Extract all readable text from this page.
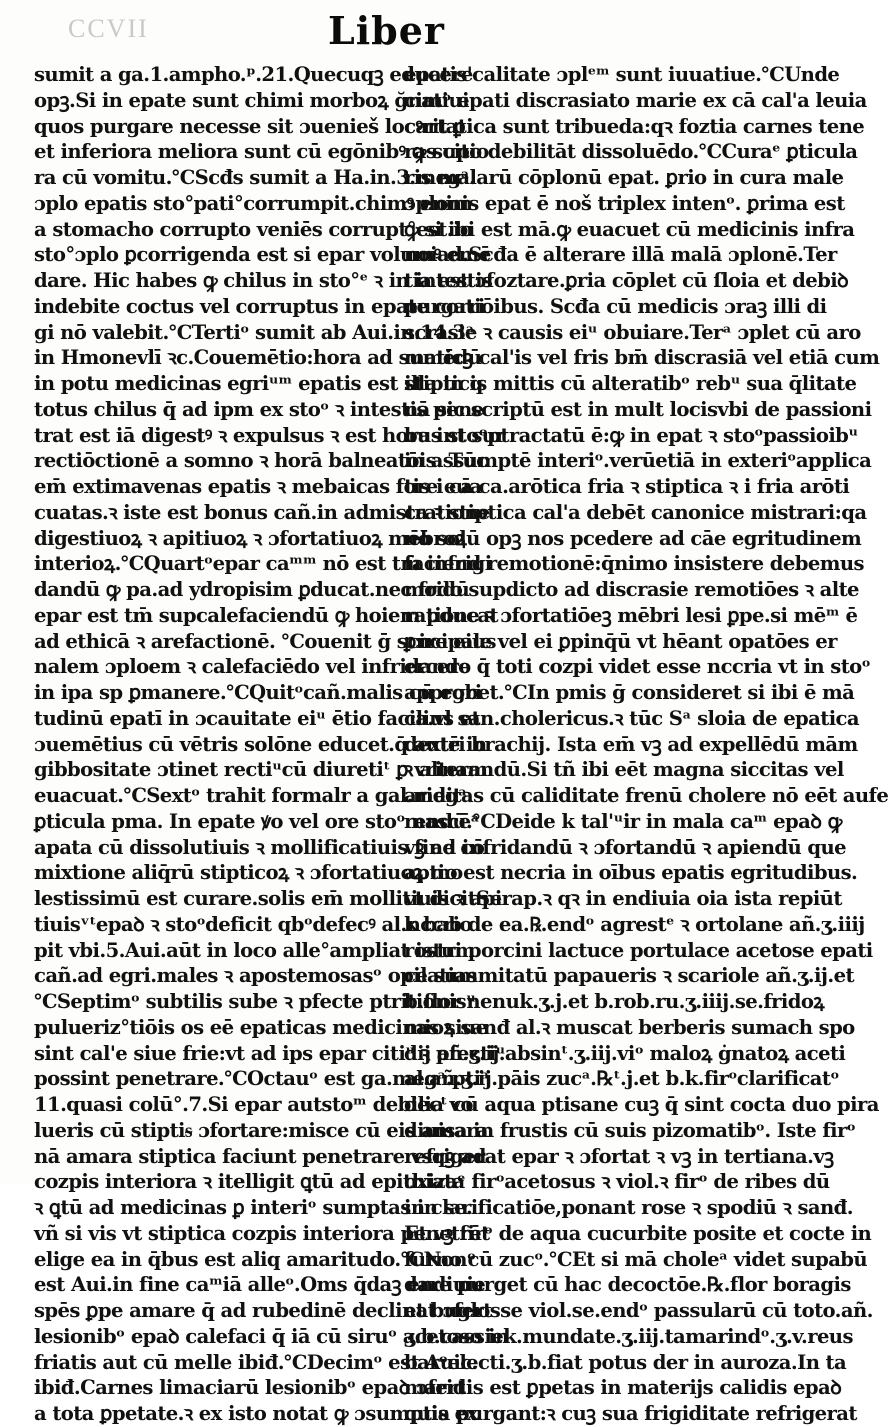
CCVII	Liber
sumit a ga.1.ampho.ᵖ.21.Quecuqꝫ educere
opꝫ.Si in epate sunt chimi morboꝝ ğnatiui
quos purgare necesse sit ɔuenieš locꝰrit ꝑ
et inferiora meliora sunt cū egōnibꝰ ꝙ supio
ra cū vomitu.℃Scđs sumit a Ha.in.3.megᵃ.
ɔplo epatis sto°pati°corrumpit.chimꝰ enim
a stomacho corrupto veniēs corrupt°est.io
sto°ɔplo ꝑcorrigenda est si epar volumꝰ emē
dare. Hic habes ꝙ chilus in sto°ᵉ ꝛ in intestis
indebite coctus vel corruptus in epate corri
gi nō valebit.℃Tertiᵒ sumit ab Aui.in.14.3ᵃ
in Hmonevlī ꝛc.Couemētio:hora ad sumēdū
in potu medicinas egriᵘᵐ epatis est illa in q
totus chilus q̄ ad ipm ex stoᵒ ꝛ intestis pene
trat est iā digestꝰ ꝛ expulsus ꝛ est hora int sur
rectiōctionē a somno ꝛ horā balneatōis. Tūc
em̄ extimavenas epatis ꝛ mebaicas fore eua
cuatas.ꝛ iste est bonus cañ.in admistratione
digestiuoꝝ ꝛ apitiuoꝝ ꝛ ɔfortatiuoꝝ mēbroꝝ
interioꝝ.℃Quartᵒepar caᵐᵐ nō est tm̄ infrigi
dandū ꝙ pa.ad ydropisim ꝑducat.nec fridū
epar est tm̄ supcalefaciendū ꝙ hoiem pducat
ad ethicā ꝛ arefactionē. ℃ouenit ḡ scire eius
nalem ɔploem ꝛ calefaciēdo vel infridando
in ipa sp ꝑmanere.℃Quitᵒcañ.malis cū egri
tudinū epatī in ɔcauitate eiᵘ ētio facilius et
ɔuemētius cū vētris solōne educet.q̄ autē in
gibbositate ɔtinet rectiᵘcū diuretiᵗ ꝑ vrinam
euacuat.℃Sextᵒ trahit formalr a gal.megᵃ.
ꝑticula pma. In epate ꝟo vel ore stoᵒ nascēᵃ
apata cū dissolutiuis ꝛ mollificatiuis fine cō
mixtione aliq̄rū stipticoꝝ ꝛ ɔfortatiuoꝝ mo
lestissimū est curare.solis em̄ mollitiuis ꝛ api
tiuisᵛᵗepaꝺ ꝛ stoᵒdeficit qbᵒdefecꝰ al.nccrio
pit vbi.5.Aui.aūt in loco alle°ampliat istum
cañ.ad egri.males ꝛ apostemosasᵒ opilatias
℃Septimᵒ subtilis sube ꝛ pfecte ptritionisᵘ
pulueriz°tiōis os eē epaticas medicinas siue
sint cal'e siue frie:vt ad ips epar citiᵘ ꝛ pfectiᵘ
possint penetrare.℃Octauᵒ est ga.megᵃ.ptiᵃ
11.quasi colū°.7.Si epar autstoᵐ debilia vo
lueris cū stiptiᵴ ɔfortare:misce cū eis amara
nā amara stiptica faciunt penetrare vsqꝫ ad
cozpis interiora ꝛ itelligit ꝗtū ad epithiata
ꝛ ꝗtū ad medicinas ꝑ interiᵒ sumptas in se.
vñ si vis vt stiptica cozpis interiora penetrēt
elige ea in q̄bus est aliq amaritudo.℃Nonᵒ
est Aui.in fine caᵐiā alleᵒ.Oms q̄daꝫ endiuie
spēs ꝑpe amare q̄ ad rubedinē declinat ɔfert
lesionibᵒ epaꝺ calefaci q̄ iā cū siruᵒ acetoso in
friatis aut cū melle ibiđ.℃Decimᵒ est Auic.
ibiđ.Carnes limaciarū lesionibᵒ epaꝺ ɔfert
a tota ꝑpetate.ꝛ ex isto notat ꝙ ɔsumptis ex
epatis'calitate ɔplᵉᵐ sunt iuuatiue.℃Unde
cimᵒ epati discrasiato marie ex cā cal'a leuia
cartatica sunt tribueda:qꝛ foztia carnes tene
ras cito debilitāt dissoluēdo.℃Curaᵉ ꝑticula
ris malarū cōplonū epat. ꝑrio in cura male
ɔplonis epat ē noš triplex intenᵒ. ꝑrima est
ꝙ si ibi est mā.ꝙ euacuet cū medicinis infra
noiad.Scđa ē alterare illā malā ɔplonē.Ter
tia est ɔfoztare.ꝑria cōplet cū ſloia et debiꝺ
purgatiōibus. Scđa cū medicis ɔraꝫ illi di
scrasie ꝛ causis eiᵘ obuiare.Terᵃ ɔplet cū aro
maticꝫ cal'is vel fris bm̄ discrasiā vel etiā cum
stipticis mittis cū alteratibᵒ rebᵘ sua q̄litate
nā sic scriptū est in mult locisvbi de passioni
bus stoᵒptractatū ē:ꝙ in epat ꝛ stoᵒpassioibᵘ
in assumptē interiᵒ.verūetiā in exteriᵒapplica
tis i cā ca.arōtica fria ꝛ stiptica ꝛ i fria arōti
ca ꝛ stiptica cal'a debēt canonice mistrari:qa
nō solū opꝫ nos pcedere ad cāe egritudinem
faciend remotionē:q̄nimo insistere debemus
modo supdicto ad discrasie remotiōes ꝛ alte
ratione ꝛ ɔfortatiōeꝫ mēbri lesi ꝑpe.si mēᵐ ē
ꝑncipale vel ei ꝑpinq̄ū vt hēant opatōes er
ercere q̄ toti cozpi videt esse nccria vt in stoᵒ
approbet.℃In pmis ḡ consideret si ibi ē mā
ca.vl san.cholericus.ꝛ tūc Sᵃ sloia de epatica
dextri brachij. Ista em̄ vꝫ ad expellēdū mām
ꝛ alterandū.Si tñ ibi eēt magna siccitas vel
ariditas cū caliditate frenū cholere nō eēt aufe
rendū.℃Deide k tal'ᵘir in mala caᵐ epaꝺ ꝙ
vꝫ ad infridandū ꝛ ɔfortandū ꝛ apiendū que
aptio est necria in oībus epatis egritudibus.
vt dicitSerap.ꝛ qꝛ in endiuia oia ista repiūt
k bab de ea.℞.endᵒ agrestᵉ ꝛ ortolane añ.ʒ.iiij
rostri porcini lactuce portulace acetose epati
ce summitatū papaueris ꝛ scariole añ.ʒ.ij.et
b.flor nenuk.ʒ.j.et b.rob.ru.ʒ.iiij.se.fridoꝝ
mioꝝ sanđ al.ꝛ muscat berberis sumach spo
dij añ.ʒ.ij.absinᵗ.ʒ.iij.viᵒ maloꝝ ġnatoꝝ aceti
al.añ.ʒ.ij.pāis zucᵃ.℞ᵗ.j.et b.k.firᵒclarificatᵒ
decᵗ cū aqua ptisane cuꝫ q̄ sint cocta duo pira
diuisa in frustis cū suis pizomatibᵒ. Iste firᵒ
refrigerat epar ꝛ ɔfortat ꝛ vꝫ in tertiana.vꝫ
oxizaᵉ firᵒacetosus ꝛ viol.ꝛ firᵒ de ribes dū
in clarificatiōe,ponant rose ꝛ spodiū ꝛ sanđ.
Et vꝫ firᵒ de aqua cucurbite posite et cocte in
furno cū zucᵒ.℃Et si mā choleᵃ videt supabū
dare purget cū hac decoctōe.℞.flor boragis
et buglosse viol.se.endᵒ passularū cū toto.añ.
ʒ.b.cassiek.mundate.ʒ.iij.tamarindᵒ.ʒ.v.reus
barᵒelecti.ʒ.b.fiat potus der in auroza.In ta
maridis est ꝑpetas in materijs calidis epaꝺ
quia purgant:ꝛ cuꝫ sua frigiditate refrigerat
